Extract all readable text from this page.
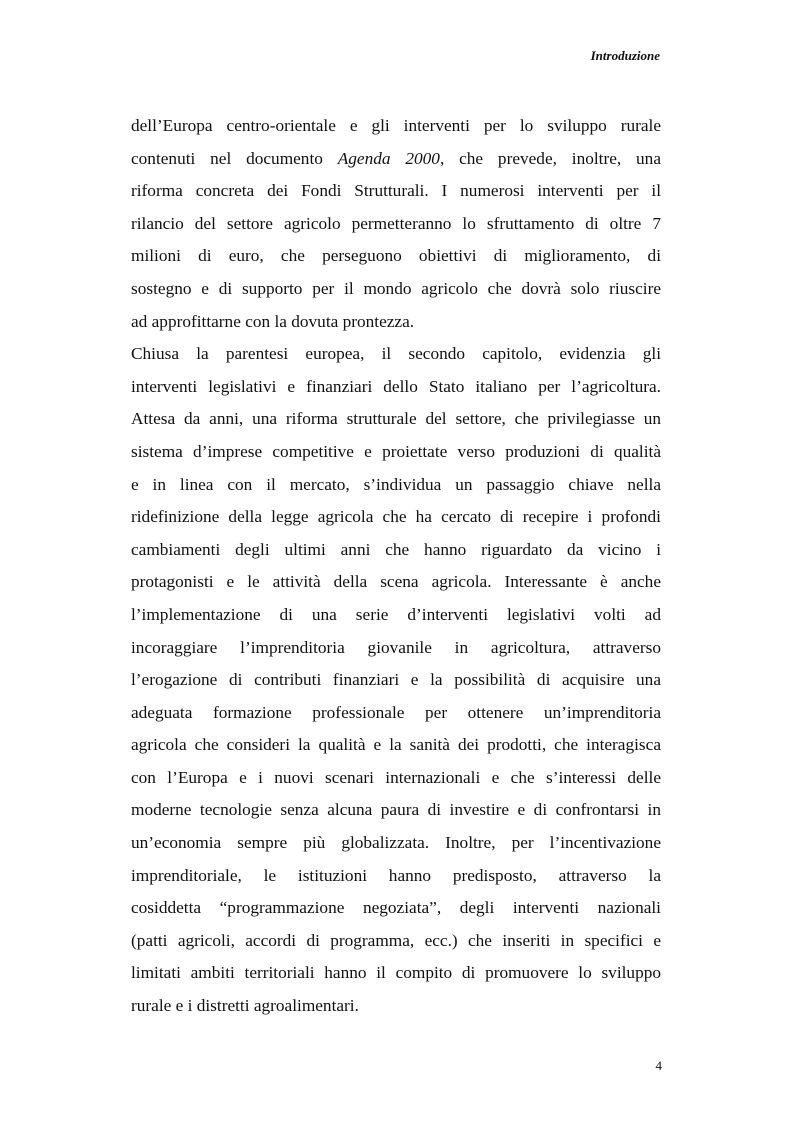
Introduzione
dell’Europa centro-orientale e gli interventi per lo sviluppo rurale
contenuti nel documento Agenda 2000, che prevede, inoltre, una
riforma concreta dei Fondi Strutturali. I numerosi interventi per il
rilancio del settore agricolo permetteranno lo sfruttamento di oltre 7
milioni di euro, che perseguono obiettivi di miglioramento, di
sostegno e di supporto per il mondo agricolo che dovrà solo riuscire
ad approfittarne con la dovuta prontezza.
Chiusa la parentesi europea, il secondo capitolo, evidenzia gli
interventi legislativi e finanziari dello Stato italiano per l’agricoltura.
Attesa da anni, una riforma strutturale del settore, che privilegiasse un
sistema d’imprese competitive e proiettate verso produzioni di qualità
e in linea con il mercato, s’individua un passaggio chiave nella
ridefinizione della legge agricola che ha cercato di recepire i profondi
cambiamenti degli ultimi anni che hanno riguardato da vicino i
protagonisti e le attività della scena agricola. Interessante è anche
l’implementazione di una serie d’interventi legislativi volti ad
incoraggiare l’imprenditoria giovanile in agricoltura, attraverso
l’erogazione di contributi finanziari e la possibilità di acquisire una
adeguata formazione professionale per ottenere un’imprenditoria
agricola che consideri la qualità e la sanità dei prodotti, che interagisca
con l’Europa e i nuovi scenari internazionali e che s’interessi delle
moderne tecnologie senza alcuna paura di investire e di confrontarsi in
un’economia sempre più globalizzata. Inoltre, per l’incentivazione
imprenditoriale, le istituzioni hanno predisposto, attraverso la
cosiddetta “programmazione negoziata”, degli interventi nazionali
(patti agricoli, accordi di programma, ecc.) che inseriti in specifici e
limitati ambiti territoriali hanno il compito di promuovere lo sviluppo
rurale e i distretti agroalimentari.
4
